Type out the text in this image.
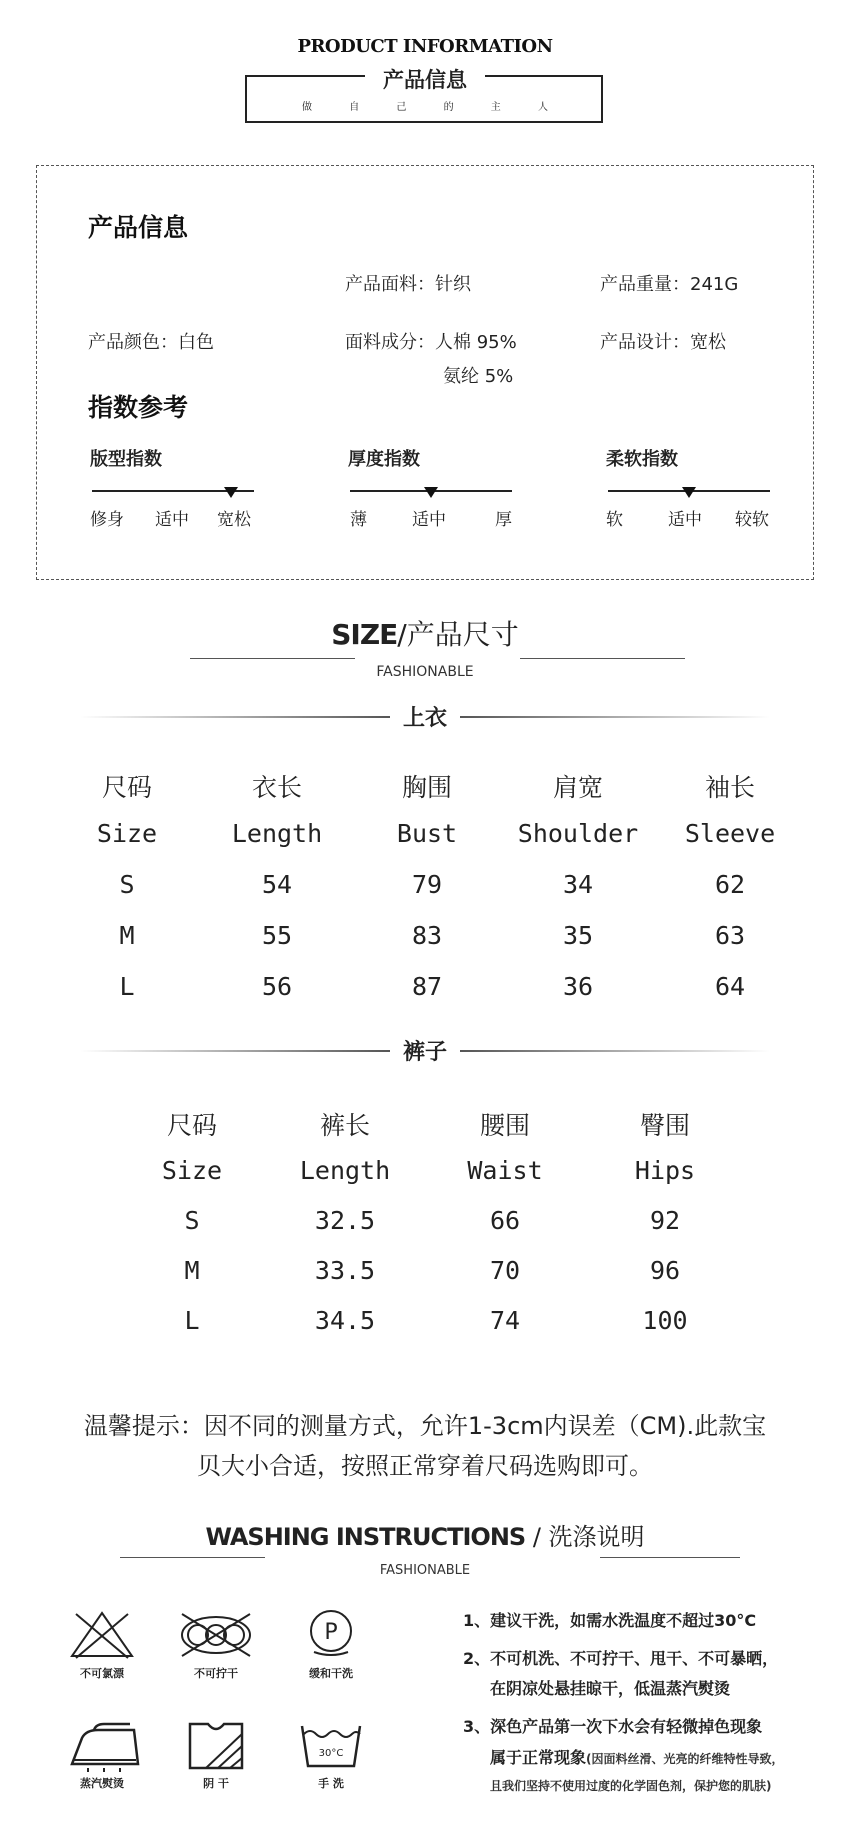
PRODUCT INFORMATION
产品信息
做 自 己 的 主 人
产品信息
产品面料：针织	产品重量：241G
产品颜色：白色	面料成分：人棉 95%
氨纶 5%
产品设计：宽松
指数参考
版型指数
修身 适中 宽松
厚度指数
薄	适中	厚
柔软指数
软	适中 较软
SIZE/产品尺寸
FASHIONABLE
上衣
尺码	衣长	胸围	肩宽	袖长
Size	Length	Bust	Shoulder	Sleeve
S	54	79	34	62
M	55	83	35	63
L	56	87	36	64
裤子
尺码	裤长	腰围	臀围
Size	Length	Waist	Hips
S	32.5	66	92
M	33.5	70	96
L	34.5	74	100
温馨提示：因不同的测量方式，允许1-3cm内误差（CM).此款宝
贝大小合适，按照正常穿着尺码选购即可。
WASHING INSTRUCTIONS / 洗涤说明
FASHIONABLE
不可氯漂	不可拧干
P
缓和干洗
蒸汽熨烫	阴 干
30°C
手 洗
1、建议干洗，如需水洗温度不超过30°C
2、不可机洗、不可拧干、甩干、不可暴晒，
在阴凉处悬挂晾干，低温蒸汽熨烫
3、深色产品第一次下水会有轻微掉色现象
属于正常现象(因面料丝滑、光亮的纤维特性导致，
且我们坚持不使用过度的化学固色剂，保护您的肌肤)
